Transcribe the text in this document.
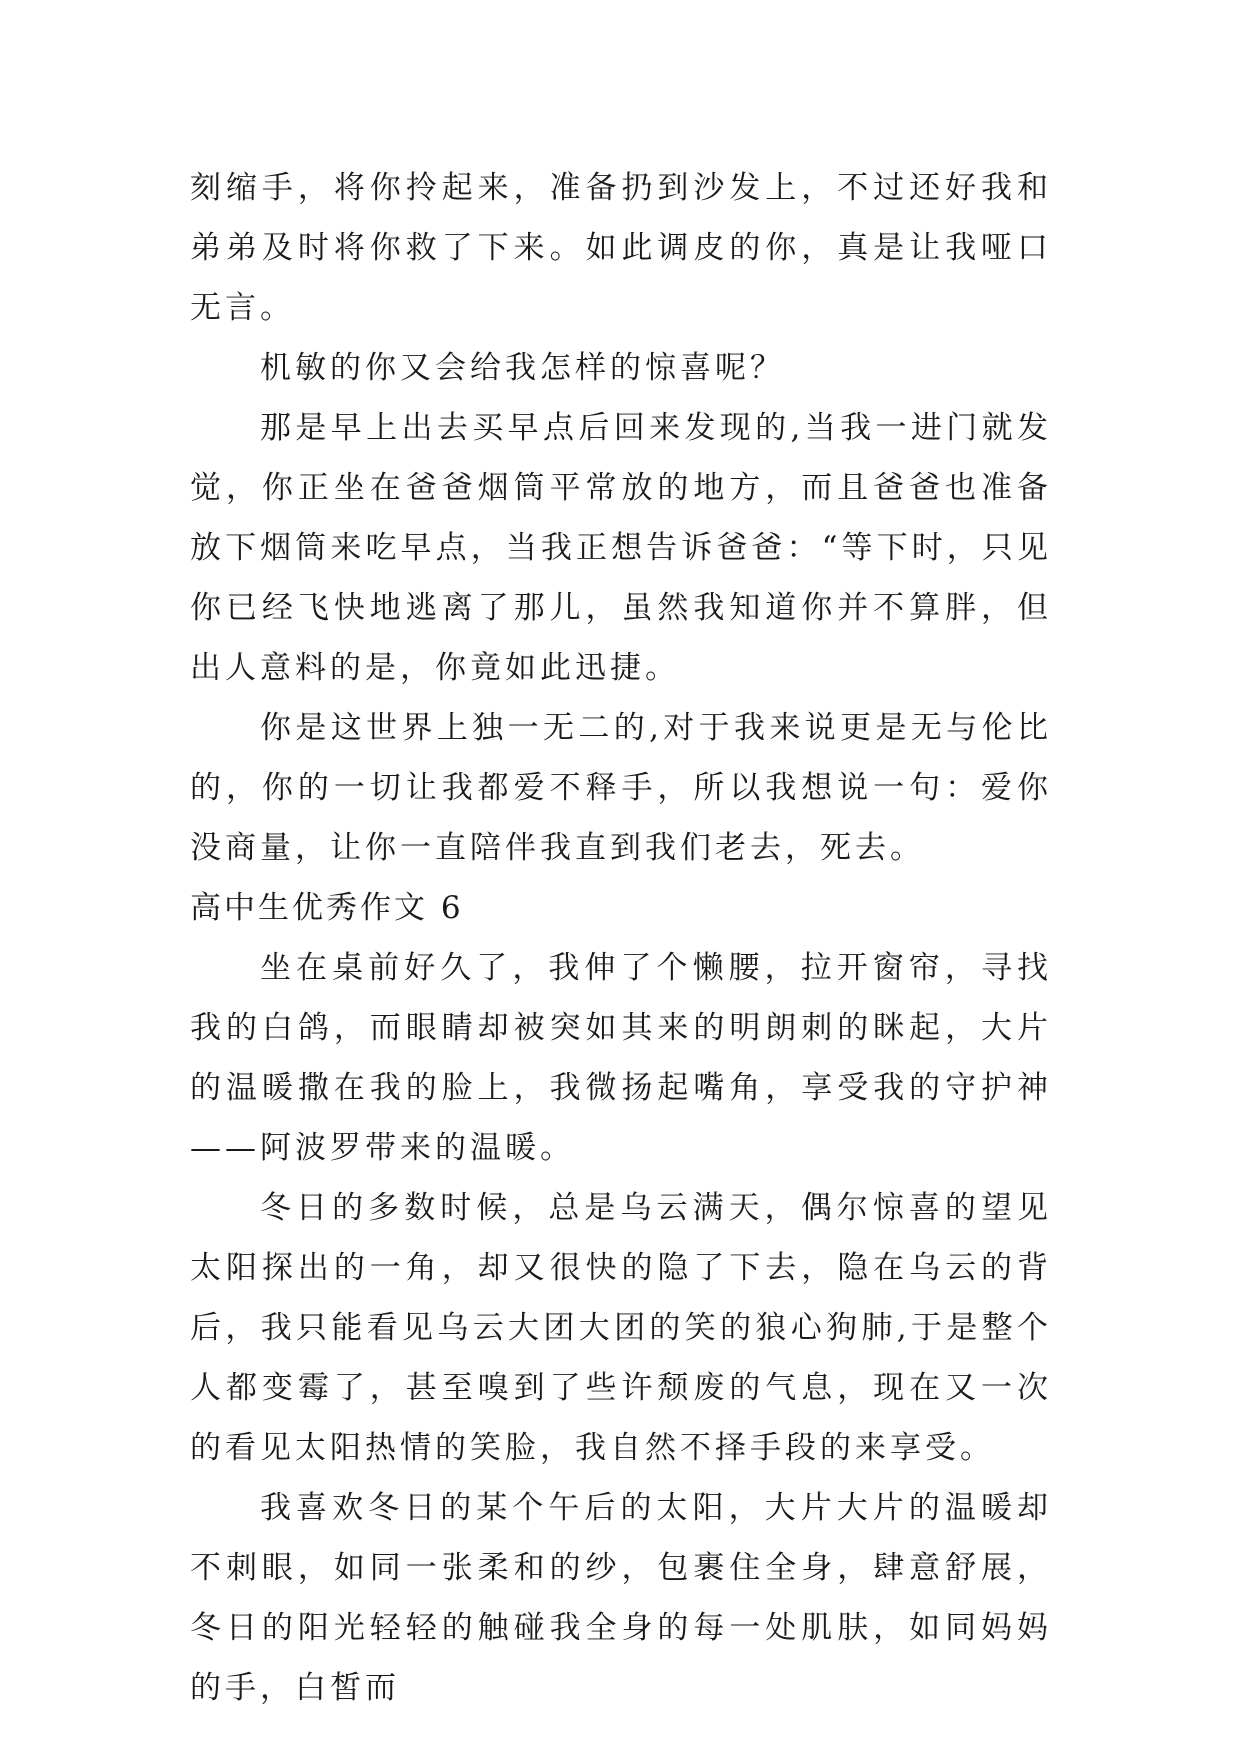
刻缩手，将你拎起来，准备扔到沙发上，不过还好我和弟弟及时将你救了下来。如此调皮的你，真是让我哑口无言。

机敏的你又会给我怎样的惊喜呢？

那是早上出去买早点后回来发现的,当我一进门就发觉，你正坐在爸爸烟筒平常放的地方，而且爸爸也准备放下烟筒来吃早点，当我正想告诉爸爸：“等下时，只见你已经飞快地逃离了那儿，虽然我知道你并不算胖，但出人意料的是，你竟如此迅捷。

你是这世界上独一无二的,对于我来说更是无与伦比的，你的一切让我都爱不释手，所以我想说一句：爱你没商量，让你一直陪伴我直到我们老去，死去。

高中生优秀作文 6

坐在桌前好久了，我伸了个懒腰，拉开窗帘，寻找我的白鸽，而眼睛却被突如其来的明朗刺的眯起，大片的温暖撒在我的脸上，我微扬起嘴角，享受我的守护神——阿波罗带来的温暖。

冬日的多数时候，总是乌云满天，偶尔惊喜的望见太阳探出的一角，却又很快的隐了下去，隐在乌云的背后，我只能看见乌云大团大团的笑的狼心狗肺,于是整个人都变霉了，甚至嗅到了些许颓废的气息，现在又一次的看见太阳热情的笑脸，我自然不择手段的来享受。

我喜欢冬日的某个午后的太阳，大片大片的温暖却不刺眼，如同一张柔和的纱，包裹住全身，肆意舒展，冬日的阳光轻轻的触碰我全身的每一处肌肤，如同妈妈的手，白皙而
